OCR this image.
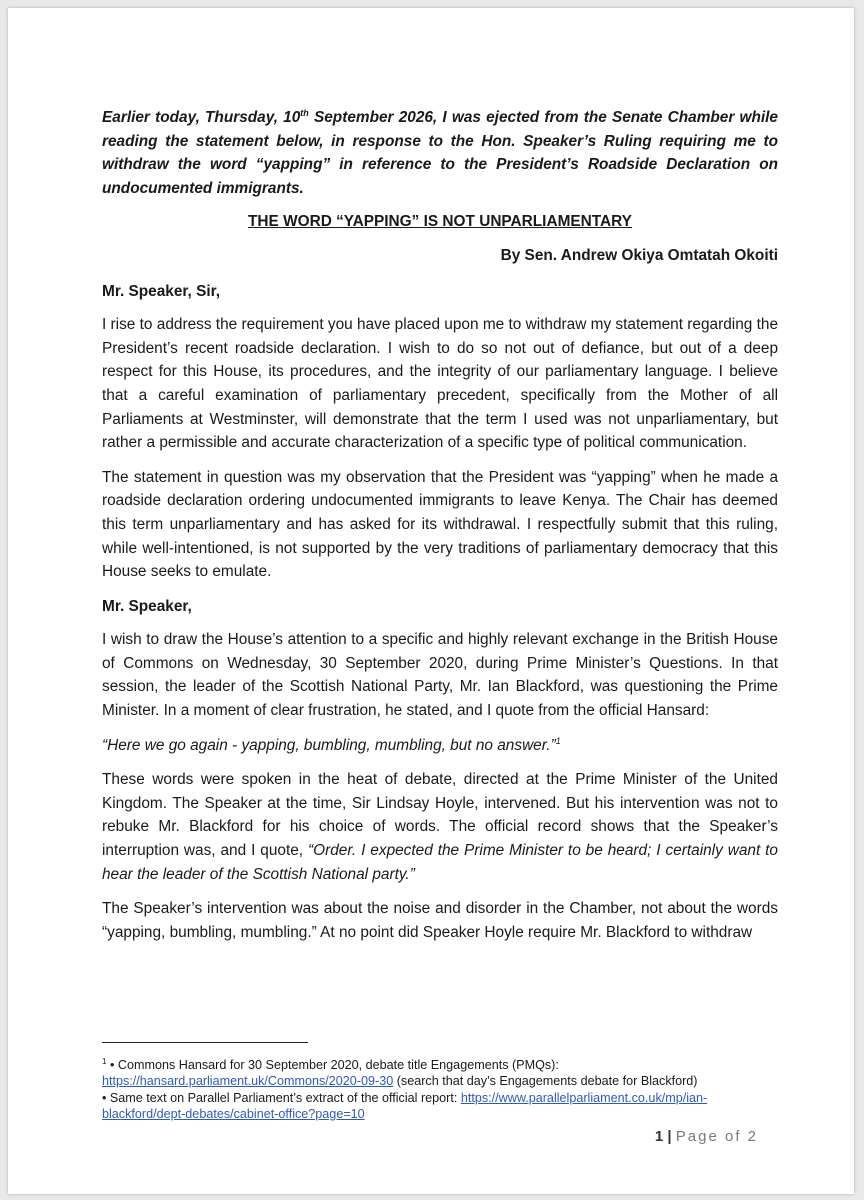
Earlier today, Thursday, 10th September 2026, I was ejected from the Senate Chamber while reading the statement below, in response to the Hon. Speaker’s Ruling requiring me to withdraw the word “yapping” in reference to the President’s Roadside Declaration on undocumented immigrants.

THE WORD “YAPPING” IS NOT UNPARLIAMENTARY

By Sen. Andrew Okiya Omtatah Okoiti

Mr. Speaker, Sir,

I rise to address the requirement you have placed upon me to withdraw my statement regarding the President’s recent roadside declaration. I wish to do so not out of defiance, but out of a deep respect for this House, its procedures, and the integrity of our parliamentary language. I believe that a careful examination of parliamentary precedent, specifically from the Mother of all Parliaments at Westminster, will demonstrate that the term I used was not unparliamentary, but rather a permissible and accurate characterization of a specific type of political communication.

The statement in question was my observation that the President was “yapping” when he made a roadside declaration ordering undocumented immigrants to leave Kenya. The Chair has deemed this term unparliamentary and has asked for its withdrawal. I respectfully submit that this ruling, while well-intentioned, is not supported by the very traditions of parliamentary democracy that this House seeks to emulate.

Mr. Speaker,

I wish to draw the House’s attention to a specific and highly relevant exchange in the British House of Commons on Wednesday, 30 September 2020, during Prime Minister’s Questions. In that session, the leader of the Scottish National Party, Mr. Ian Blackford, was questioning the Prime Minister. In a moment of clear frustration, he stated, and I quote from the official Hansard:

“Here we go again - yapping, bumbling, mumbling, but no answer.”$^1$

These words were spoken in the heat of debate, directed at the Prime Minister of the United Kingdom. The Speaker at the time, Sir Lindsay Hoyle, intervened. But his intervention was not to rebuke Mr. Blackford for his choice of words. The official record shows that the Speaker’s interruption was, and I quote, “Order. I expected the Prime Minister to be heard; I certainly want to hear the leader of the Scottish National party.”

The Speaker’s intervention was about the noise and disorder in the Chamber, not about the words “yapping, bumbling, mumbling.” At no point did Speaker Hoyle require Mr. Blackford to withdraw

$^1$ • Commons Hansard for 30 September 2020, debate title Engagements (PMQs):
https://hansard.parliament.uk/Commons/2020-09-30 (search that day’s Engagements debate for Blackford)
• Same text on Parallel Parliament’s extract of the official report: https://www.parallelparliament.co.uk/mp/ian-
blackford/dept-debates/cabinet-office?page=10
1 | Page of 2
